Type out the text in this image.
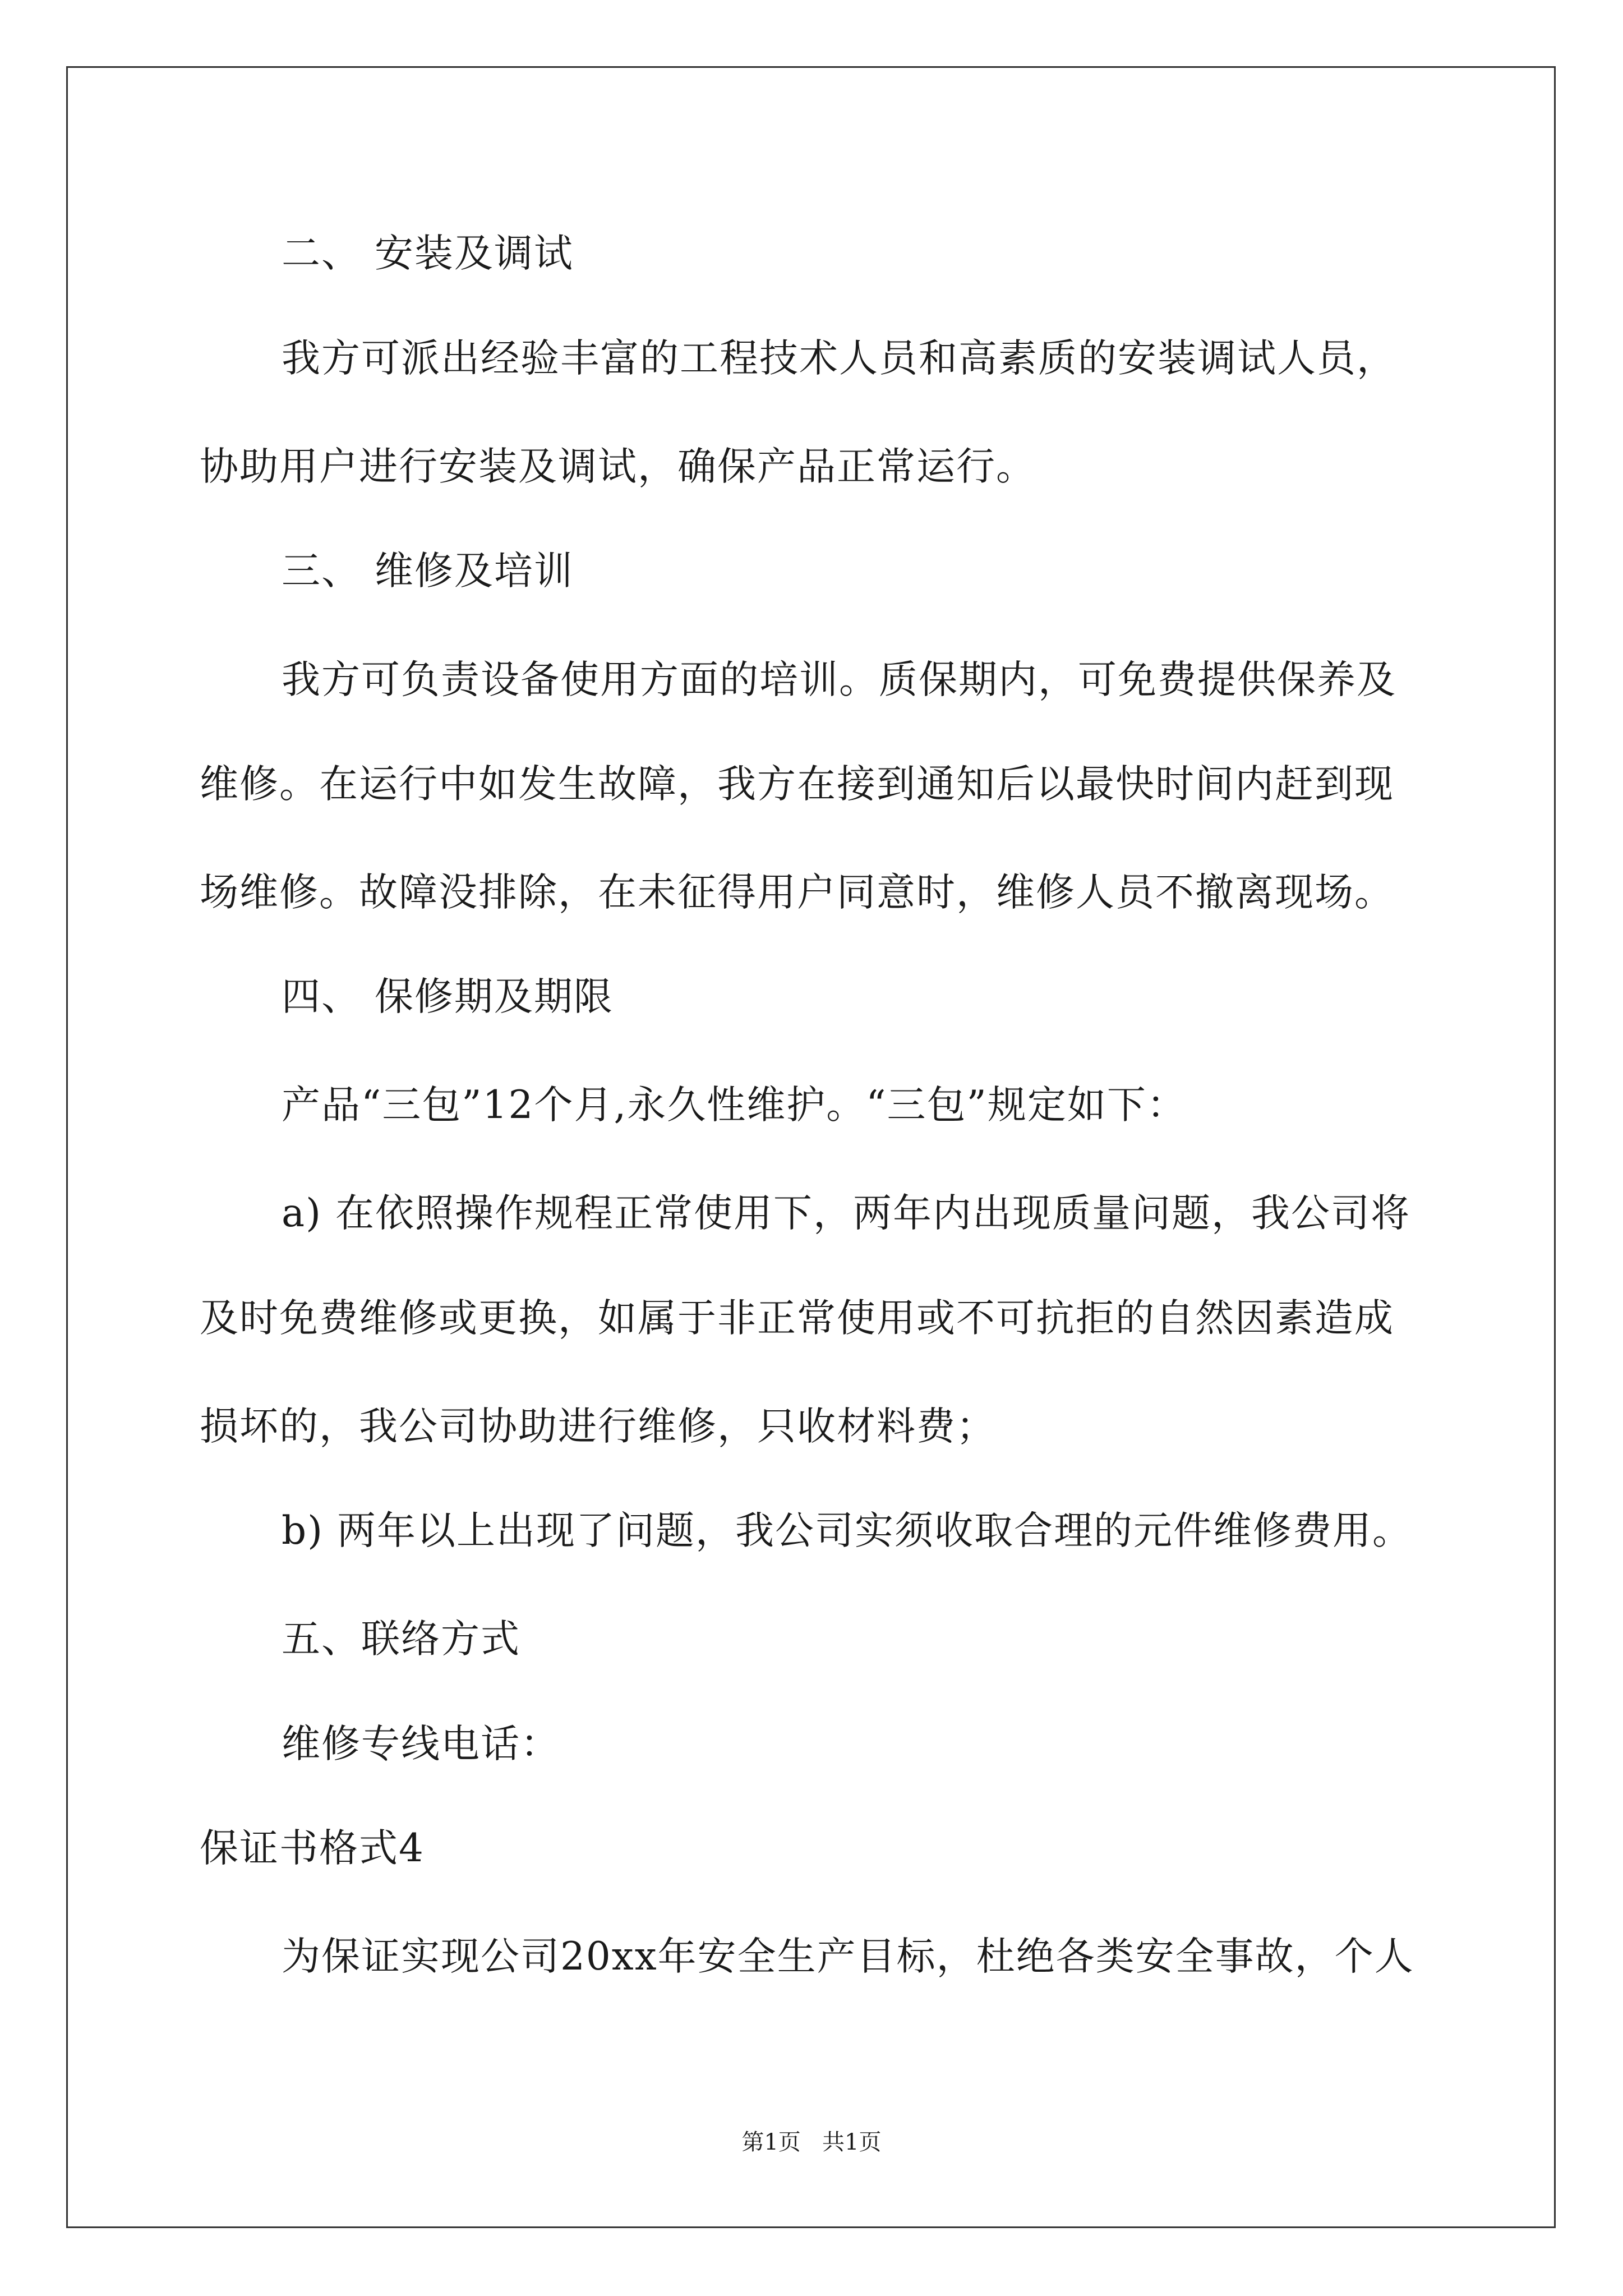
二、 安装及调试

我方可派出经验丰富的工程技术人员和高素质的安装调试人员，

协助用户进行安装及调试，确保产品正常运行。

三、 维修及培训

我方可负责设备使用方面的培训。质保期内，可免费提供保养及

维修。在运行中如发生故障，我方在接到通知后以最快时间内赶到现

场维修。故障没排除，在未征得用户同意时，维修人员不撤离现场。

四、 保修期及期限

产品“三包”12个月,永久性维护。“三包”规定如下：

a) 在依照操作规程正常使用下，两年内出现质量问题，我公司将

及时免费维修或更换，如属于非正常使用或不可抗拒的自然因素造成

损坏的，我公司协助进行维修，只收材料费；

b) 两年以上出现了问题，我公司实须收取合理的元件维修费用。

五、联络方式

维修专线电话：

保证书格式4

为保证实现公司20xx年安全生产目标，杜绝各类安全事故，个人

第1页   共1页
